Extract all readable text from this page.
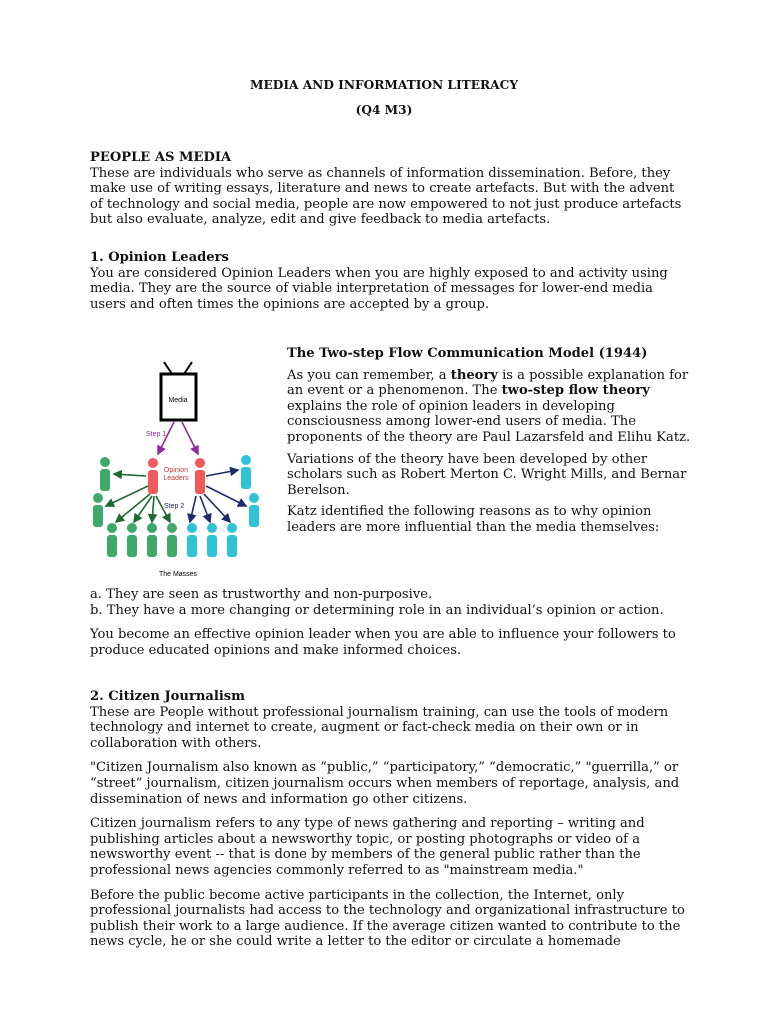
MEDIA AND INFORMATION LITERACY
(Q4 M3)
PEOPLE AS MEDIA

These are individuals who serve as channels of information dissemination. Before, they make use of writing essays, literature and news to create artefacts. But with the advent of technology and social media, people are now empowered to not just produce artefacts but also evaluate, analyze, edit and give feedback to media artefacts.

1. Opinion Leaders

You are considered Opinion Leaders when you are highly exposed to and activity using media. They are the source of viable interpretation of messages for lower-end media users and often times the opinions are accepted by a group.

Media
Step 1
Opinion
Leaders
Step 2
The Masses
The Two-step Flow Communication Model (1944)

As you can remember, a theory is a possible explanation for an event or a phenomenon. The two-step flow theory explains the role of opinion leaders in developing consciousness among lower-end users of media. The proponents of the theory are Paul Lazarsfeld and Elihu Katz.

Variations of the theory have been developed by other scholars such as Robert Merton C. Wright Mills, and Bernar Berelson.

Katz identified the following reasons as to why opinion leaders are more influential than the media themselves:

a. They are seen as trustworthy and non-purposive.

b. They have a more changing or determining role in an individual’s opinion or action.

You become an effective opinion leader when you are able to influence your followers to produce educated opinions and make informed choices.

2. Citizen Journalism

These are People without professional journalism training, can use the tools of modern technology and internet to create, augment or fact-check media on their own or in collaboration with others.

"Citizen Journalism also known as “public,” “participatory,” “democratic,” "guerrilla,” or “street” journalism, citizen journalism occurs when members of reportage, analysis, and dissemination of news and information go other citizens.

Citizen journalism refers to any type of news gathering and reporting – writing and publishing articles about a newsworthy topic, or posting photographs or video of a newsworthy event -- that is done by members of the general public rather than the professional news agencies commonly referred to as "mainstream media."

Before the public become active participants in the collection, the Internet, only professional journalists had access to the technology and organizational infrastructure to publish their work to a large audience. If the average citizen wanted to contribute to the news cycle, he or she could write a letter to the editor or circulate a homemade
